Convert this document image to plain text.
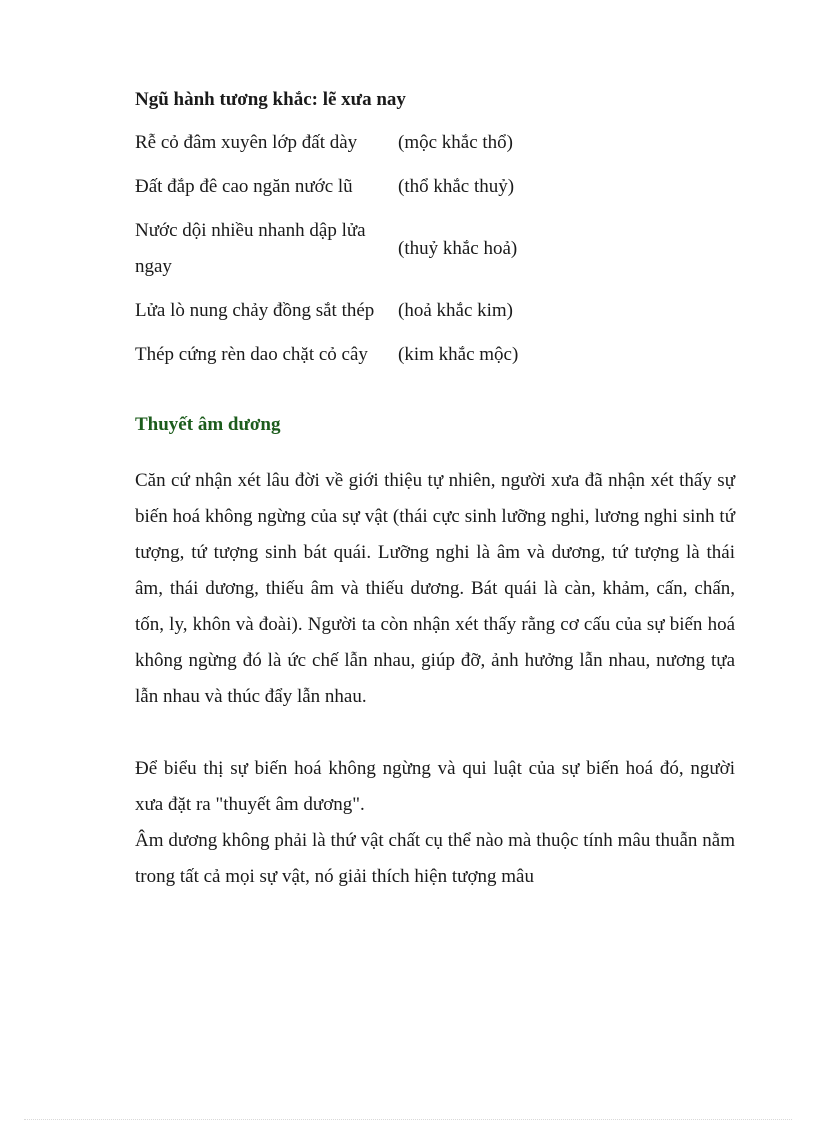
Ngũ hành tương khắc: lẽ xưa nay

Rễ cỏ đâm xuyên lớp đất dày	(mộc khắc thổ)
Đất đắp đê cao ngăn nước lũ	(thổ khắc thuỷ)
Nước dội nhiều nhanh dập lửa ngay	(thuỷ khắc hoả)
Lửa lò nung chảy đồng sắt thép	(hoả khắc kim)
Thép cứng rèn dao chặt cỏ cây	(kim khắc mộc)

Thuyết âm dương

Căn cứ nhận xét lâu đời về giới thiệu tự nhiên, người xưa đã nhận xét thấy sự biến hoá không ngừng của sự vật (thái cực sinh lưỡng nghi, lương nghi sinh tứ tượng, tứ tượng sinh bát quái. Lưỡng nghi là âm và dương, tứ tượng là thái âm, thái dương, thiếu âm và thiếu dương. Bát quái là càn, khảm, cấn, chấn, tốn, ly, khôn và đoài). Người ta còn nhận xét thấy rằng cơ cấu của sự biến hoá không ngừng đó là ức chế lẫn nhau, giúp đỡ, ảnh hưởng lẫn nhau, nương tựa lẫn nhau và thúc đẩy lẫn nhau.

Để biểu thị sự biến hoá không ngừng và qui luật của sự biến hoá đó, người xưa đặt ra "thuyết âm dương".

Âm dương không phải là thứ vật chất cụ thể nào mà thuộc tính mâu thuẫn nằm trong tất cả mọi sự vật, nó giải thích hiện tượng mâu
